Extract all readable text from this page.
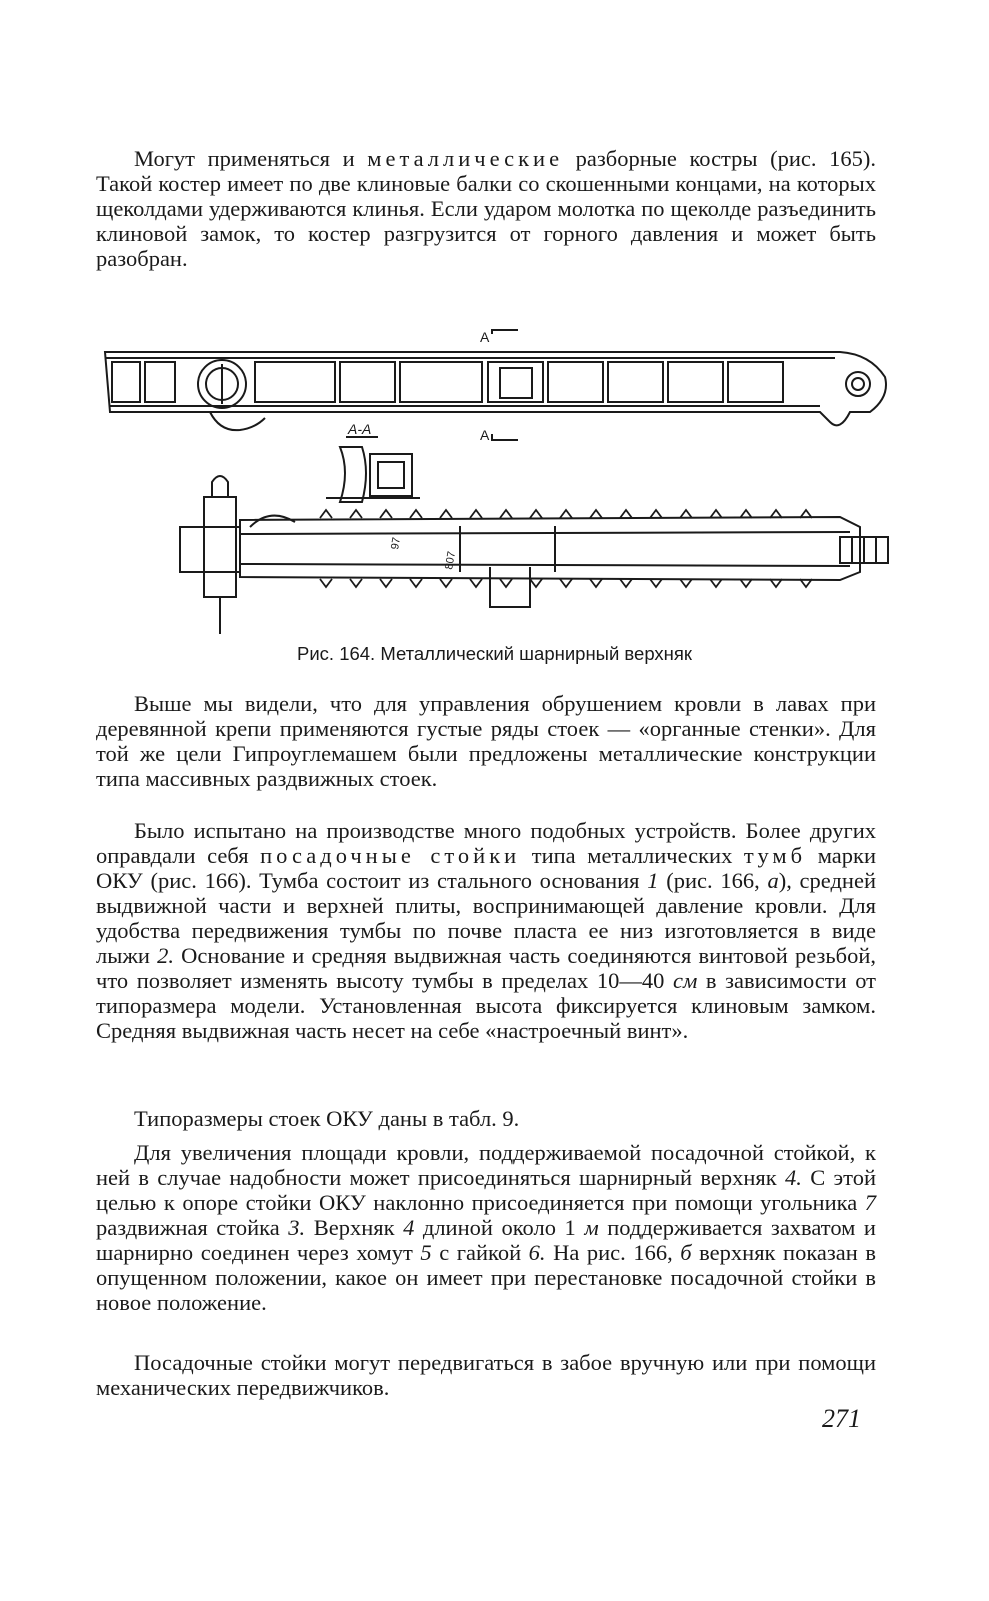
Могут применяться и металлические разборные костры (рис. 165). Такой костер имеет по две клиновые балки со скошенными концами, на которых щеколдами удерживаются клинья. Если ударом молотка по щеколде разъединить клиновой замок, то костер разгрузится от горного давления и может быть разобран.

А
А
А-А
97
807
Рис. 164. Металлический шарнирный верхняк

Выше мы видели, что для управления обрушением кровли в лавах при деревянной крепи применяются густые ряды стоек — «органные стенки». Для той же цели Гипроуглемашем были предложены металлические конструкции типа массивных раздвижных стоек.

Было испытано на производстве много подобных устройств. Более других оправдали себя посадочные стойки типа металлических тумб марки ОКУ (рис. 166). Тумба состоит из стального основания 1 (рис. 166, а), средней выдвижной части и верхней плиты, воспринимающей давление кровли. Для удобства передвижения тумбы по почве пласта ее низ изготовляется в виде лыжи 2. Основание и средняя выдвижная часть соединяются винтовой резьбой, что позволяет изменять высоту тумбы в пределах 10—40 см в зависимости от типоразмера модели. Установленная высота фиксируется клиновым замком. Средняя выдвижная часть несет на себе «настроечный винт».

Типоразмеры стоек ОКУ даны в табл. 9.

Для увеличения площади кровли, поддерживаемой посадочной стойкой, к ней в случае надобности может присоединяться шарнирный верхняк 4. С этой целью к опоре стойки ОКУ наклонно присоединяется при помощи угольника 7 раздвижная стойка 3. Верхняк 4 длиной около 1 м поддерживается захватом и шарнирно соединен через хомут 5 с гайкой 6. На рис. 166, б верхняк показан в опущенном положении, какое он имеет при перестановке посадочной стойки в новое положение.

Посадочные стойки могут передвигаться в забое вручную или при помощи механических передвижчиков.

271
